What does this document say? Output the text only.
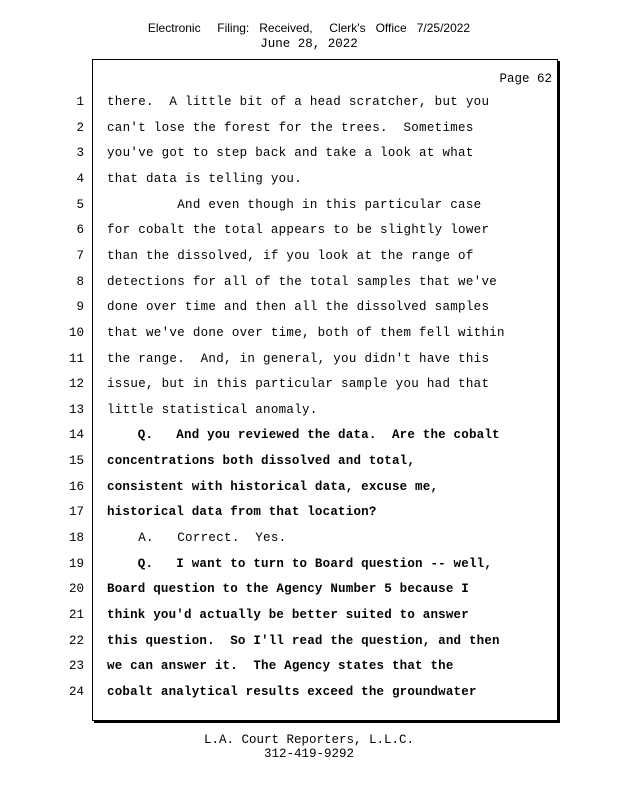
Electronic     Filing:   Received,     Clerk's   Office   7/25/2022
June 28, 2022
Page 62
1 there.  A little bit of a head scratcher, but you
2 can't lose the forest for the trees.  Sometimes
3 you've got to step back and take a look at what
4 that data is telling you.
5 And even though in this particular case
6 for cobalt the total appears to be slightly lower
7 than the dissolved, if you look at the range of
8 detections for all of the total samples that we've
9 done over time and then all the dissolved samples
10 that we've done over time, both of them fell within
11 the range.  And, in general, you didn't have this
12 issue, but in this particular sample you had that
13 little statistical anomaly.
14 Q.   And you reviewed the data.  Are the cobalt
15 concentrations both dissolved and total,
16 consistent with historical data, excuse me,
17 historical data from that location?
18 A.   Correct.  Yes.
19 Q.   I want to turn to Board question -- well,
20 Board question to the Agency Number 5 because I
21 think you'd actually be better suited to answer
22 this question.  So I'll read the question, and then
23 we can answer it.  The Agency states that the
24 cobalt analytical results exceed the groundwater
L.A. Court Reporters, L.L.C.
312-419-9292
